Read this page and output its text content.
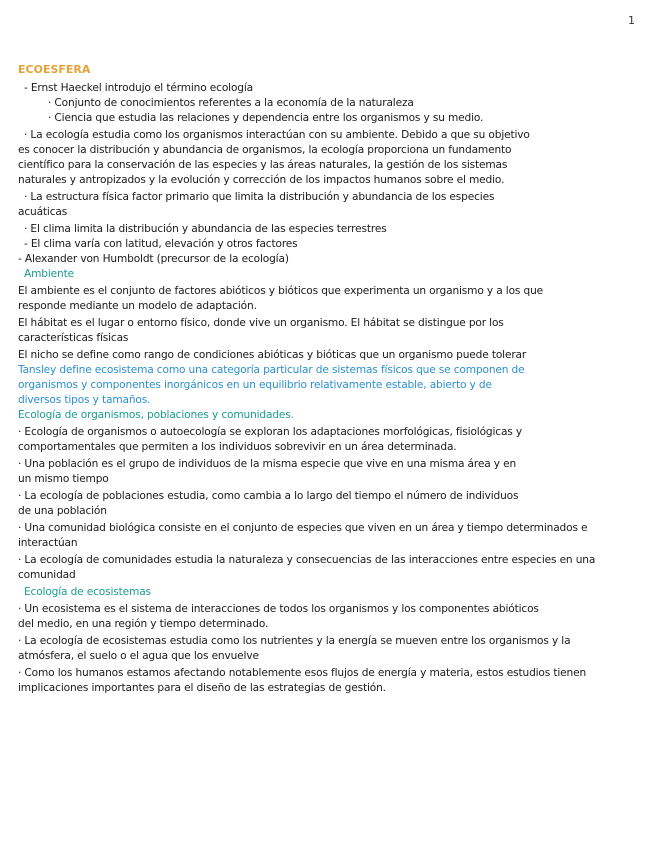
1
ECOESFERA
- Ernst Haeckel introdujo el término ecología
· Conjunto de conocimientos referentes a la economía de la naturaleza
· Ciencia que estudia las relaciones y dependencia entre los organismos y su medio.
· La ecología estudia como los organismos interactúan con su ambiente. Debido a que su objetivo
es conocer la distribución y abundancia de organismos, la ecología proporciona un fundamento
científico para la conservación de las especies y las áreas naturales, la gestión de los sistemas
naturales y antropizados y la evolución y corrección de los impactos humanos sobre el medio.
· La estructura física factor primario que limita la distribución y abundancia de los especies
acuáticas
· El clima limita la distribución y abundancia de las especies terrestres
- El clima varía con latitud, elevación y otros factores
- Alexander von Humboldt (precursor de la ecología)
Ambiente
El ambiente es el conjunto de factores abióticos y bióticos que experimenta un organismo y a los que
responde mediante un modelo de adaptación.
El hábitat es el lugar o entorno físico, donde vive un organismo. El hábitat se distingue por los
características físicas
El nicho se define como rango de condiciones abióticas y bióticas que un organismo puede tolerar
Tansley define ecosistema como una categoría particular de sistemas físicos que se componen de
organismos y componentes inorgánicos en un equilibrio relativamente estable, abierto y de
diversos tipos y tamaños.
Ecología de organismos, poblaciones y comunidades.
· Ecología de organismos o autoecología se exploran los adaptaciones morfológicas, fisiológicas y
comportamentales que permiten a los individuos sobrevivir en un área determinada.
· Una población es el grupo de individuos de la misma especie que vive en una misma área y en
un mismo tiempo
· La ecología de poblaciones estudia, como cambia a lo largo del tiempo el número de individuos
de una población
· Una comunidad biológica consiste en el conjunto de especies que viven en un área y tiempo determinados e
interactúan
· La ecología de comunidades estudia la naturaleza y consecuencias de las interacciones entre especies en una
comunidad
Ecología de ecosistemas
· Un ecosistema es el sistema de interacciones de todos los organismos y los componentes abióticos
del medio, en una región y tiempo determinado.
· La ecología de ecosistemas estudia como los nutrientes y la energía se mueven entre los organismos y la
atmósfera, el suelo o el agua que los envuelve
· Como los humanos estamos afectando notablemente esos flujos de energía y materia, estos estudios tienen
implicaciones importantes para el diseño de las estrategias de gestión.
